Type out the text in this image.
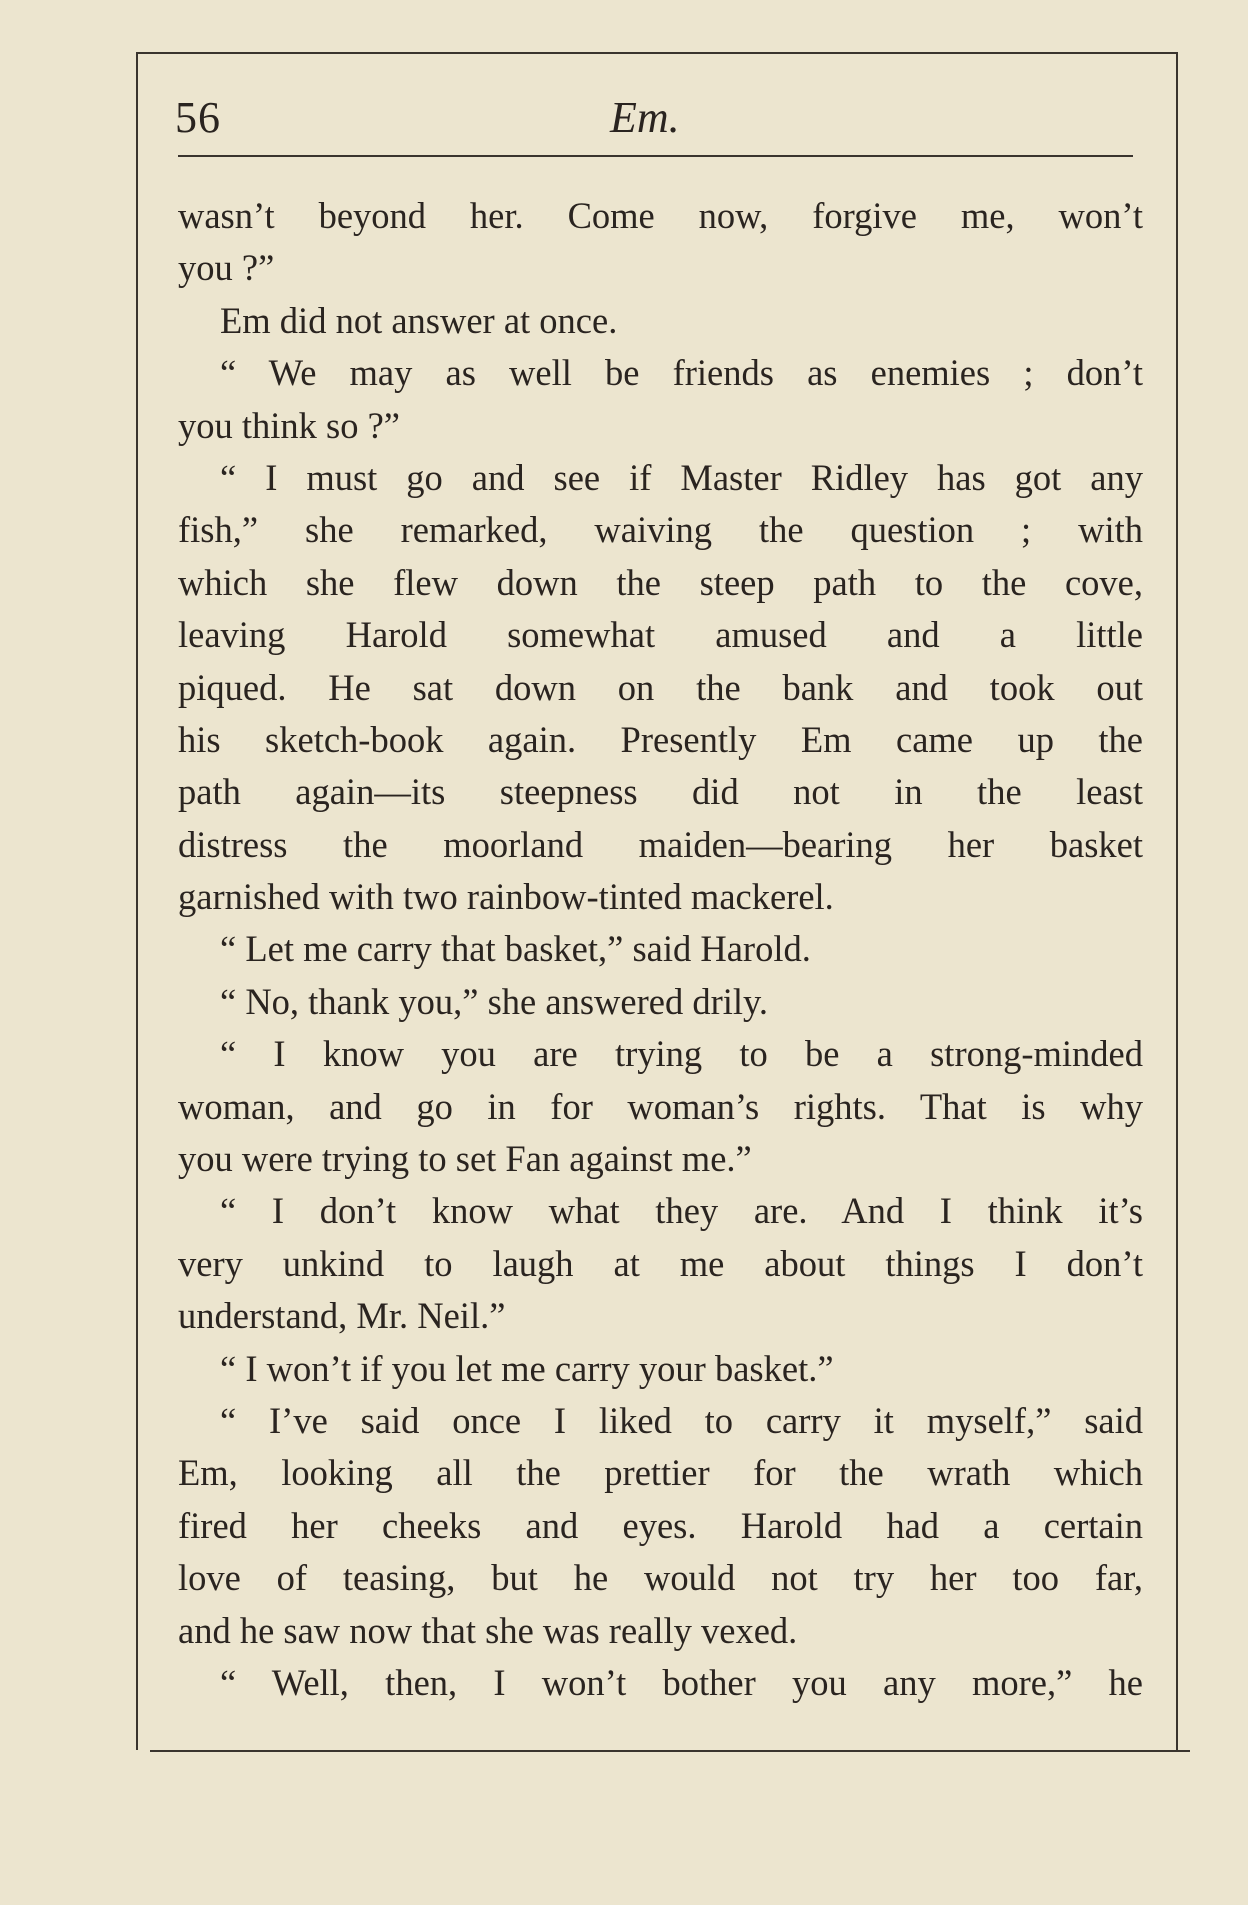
56	Em.
wasn’t beyond her. Come now, forgive me, won’t
you ?”
Em did not answer at once.
“ We may as well be friends as enemies ; don’t
you think so ?”
“ I must go and see if Master Ridley has got any
fish,” she remarked, waiving the question ; with
which she flew down the steep path to the cove,
leaving Harold somewhat amused and a little
piqued. He sat down on the bank and took out
his sketch-book again. Presently Em came up the
path again—its steepness did not in the least
distress the moorland maiden—bearing her basket
garnished with two rainbow-tinted mackerel.
“ Let me carry that basket,” said Harold.
“ No, thank you,” she answered drily.
“ I know you are trying to be a strong-minded
woman, and go in for woman’s rights. That is why
you were trying to set Fan against me.”
“ I don’t know what they are. And I think it’s
very unkind to laugh at me about things I don’t
understand, Mr. Neil.”
“ I won’t if you let me carry your basket.”
“ I’ve said once I liked to carry it myself,” said
Em, looking all the prettier for the wrath which
fired her cheeks and eyes. Harold had a certain
love of teasing, but he would not try her too far,
and he saw now that she was really vexed.
“ Well, then, I won’t bother you any more,” he
